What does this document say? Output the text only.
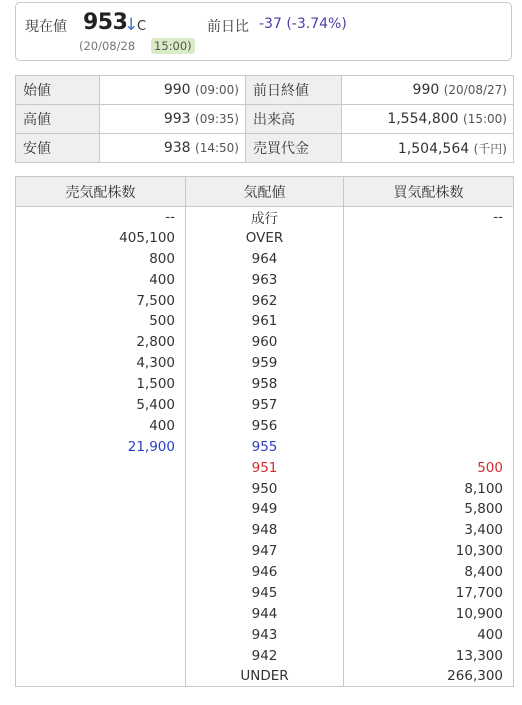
現在値 953
↓
C	前日比 -37 (-3.74%)
(20/08/28 15:00)
始値	990 (09:00)	前日終値	990 (20/08/27)
高値	993 (09:35)	出来高	1,554,800 (15:00)
安値	938 (14:50)	売買代金	1,504,564 (千円)
売気配株数	気配値	買気配株数
--	成行	--
405,100	OVER	
800	964	
400	963	
7,500	962	
500	961	
2,800	960	
4,300	959	
1,500	958	
5,400	957	
400	956	
21,900	955	
	951	500
	950	8,100
	949	5,800
	948	3,400
	947	10,300
	946	8,400
	945	17,700
	944	10,900
	943	400
	942	13,300
	UNDER	266,300
